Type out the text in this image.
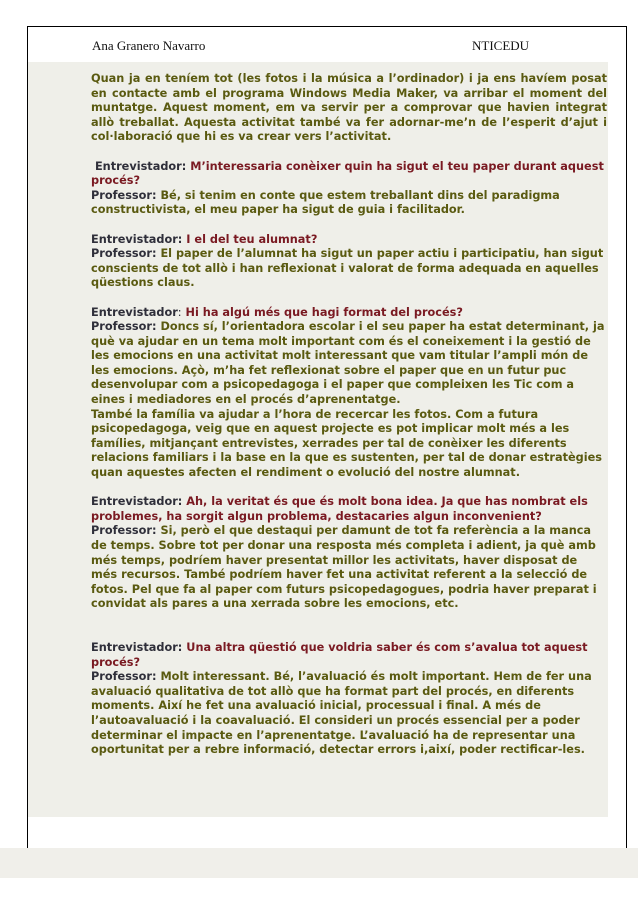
Ana Granero Navarro	NTICEDU

Quan ja en teníem tot (les fotos i la música a l’ordinador) i ja ens havíem posat en contacte amb el programa Windows Media Maker, va arribar el moment del muntatge. Aquest moment, em va servir per a comprovar que havien integrat allò treballat. Aquesta activitat també va fer adornar-me’n de l’esperit d’ajut i col·laboració que hi es va crear vers l’activitat.

Entrevistador: M’interessaria conèixer quin ha sigut el teu paper durant aquest procés?
Professor: Bé, si tenim en conte que estem treballant dins del paradigma constructivista, el meu paper ha sigut de guia i facilitador.

Entrevistador: I el del teu alumnat?
Professor: El paper de l’alumnat ha sigut un paper actiu i participatiu, han sigut conscients de tot allò i han reflexionat i valorat de forma adequada en aquelles qüestions claus.

Entrevistador: Hi ha algú més que hagi format del procés?
Professor: Doncs sí, l’orientadora escolar i el seu paper ha estat determinant, ja què va ajudar en un tema molt important com és el coneixement i la gestió de les emocions en una activitat molt interessant que vam titular l’ampli món de les emocions. Açò, m’ha fet reflexionat sobre el paper que en un futur puc desenvolupar com a psicopedagoga i el paper que compleixen les Tic com a eines i mediadores en el procés d’aprenentatge.
També la família va ajudar a l’hora de recercar les fotos. Com a futura psicopedagoga, veig que en aquest projecte es pot implicar molt més a les famílies, mitjançant entrevistes, xerrades per tal de conèixer les diferents relacions familiars i la base en la que es sustenten, per tal de donar estratègies quan aquestes afecten el rendiment o evolució del nostre alumnat.

Entrevistador: Ah, la veritat és que és molt bona idea. Ja que has nombrat els problemes, ha sorgit algun problema, destacaries algun inconvenient?
Professor: Si, però el que destaqui per damunt de tot fa referència a la manca de temps. Sobre tot per donar una resposta més completa i adient, ja què amb més temps, podríem haver presentat millor les activitats, haver disposat de més recursos. També podríem haver fet una activitat referent a la selecció de fotos. Pel que fa al paper com futurs psicopedagogues, podria haver preparat i convidat als pares a una xerrada sobre les emocions, etc.

Entrevistador: Una altra qüestió que voldria saber és com s’avalua tot aquest procés?
Professor: Molt interessant. Bé, l’avaluació és molt important. Hem de fer una avaluació qualitativa de tot allò que ha format part del procés, en diferents moments. Així he fet una avaluació inicial, processual i final. A més de l’autoavaluació i la coavaluació. El consideri un procés essencial per a poder determinar el impacte en l’aprenentatge. L’avaluació ha de representar una oportunitat per a rebre informació, detectar errors i,així, poder rectificar-les.
